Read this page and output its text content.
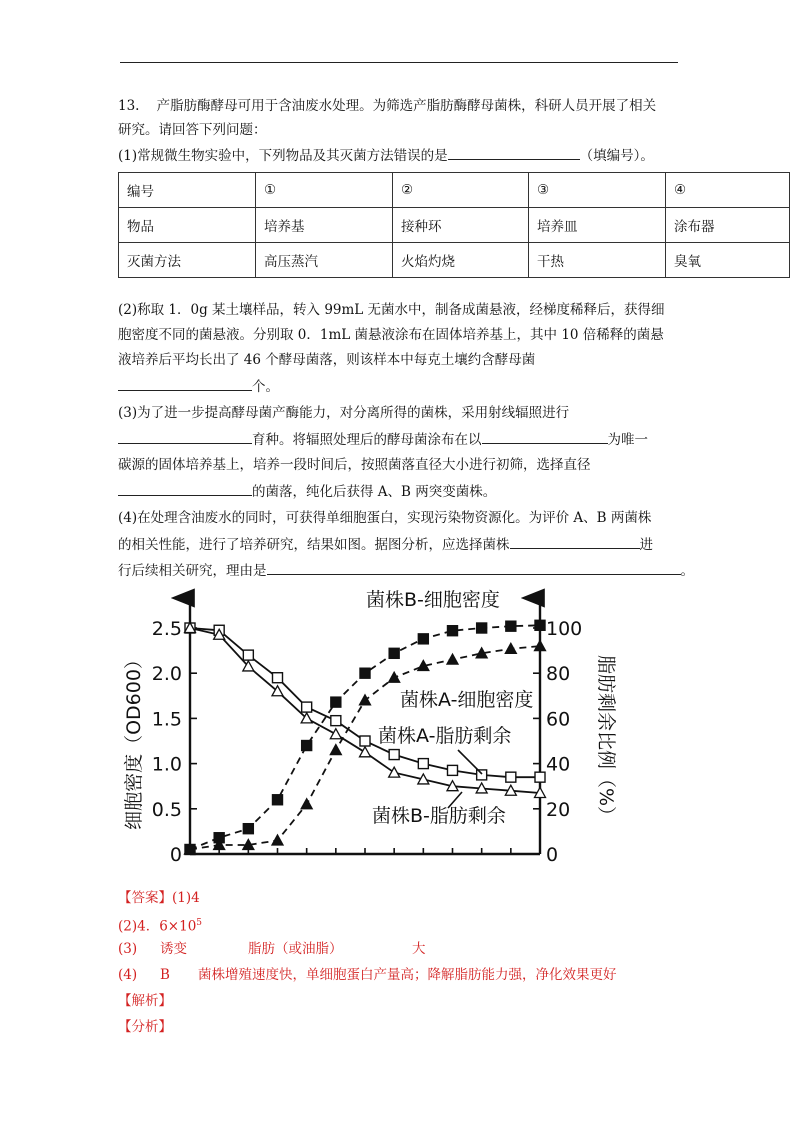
13. 产脂肪酶酵母可用于含油废水处理。为筛选产脂肪酶酵母菌株，科研人员开展了相关
研究。请回答下列问题：
(1)常规微生物实验中，下列物品及其灭菌方法错误的是	（填编号）。
编号	①	②	③	④
物品	培养基	接种环	培养皿	涂布器
灭菌方法	高压蒸汽	火焰灼烧	干热	臭氧
(2)称取 1．0g 某土壤样品，转入 99mL 无菌水中，制备成菌悬液，经梯度稀释后，获得细
胞密度不同的菌悬液。分别取 0．1mL 菌悬液涂布在固体培养基上，其中 10 倍稀释的菌悬
液培养后平均长出了 46 个酵母菌落，则该样本中每克土壤约含酵母菌
个。
(3)为了进一步提高酵母菌产酶能力，对分离所得的菌株，采用射线辐照进行
育种。将辐照处理后的酵母菌涂布在以	为唯一
碳源的固体培养基上，培养一段时间后，按照菌落直径大小进行初筛，选择直径
的菌落，纯化后获得 A、B 两突变菌株。
(4)在处理含油废水的同时，可获得单细胞蛋白，实现污染物资源化。为评价 A、B 两菌株
的相关性能，进行了培养研究，结果如图。据图分析，应选择菌株	进
行后续相关研究，理由是	。
0
0.5
1.0
1.5
2.0
2.5
0
20
40
60
80
100
细胞密度（OD600）	脂肪剩余比例（%）
菌株B-细胞密度
菌株A-细胞密度
菌株A-脂肪剩余
菌株B-脂肪剩余
【答案】(1)4
(2)4．$6\times 10^5$
(3) 诱变	脂肪（或油脂）	大
(4) B 菌株增殖速度快，单细胞蛋白产量高；降解脂肪能力强，净化效果更好
【解析】
【分析】
